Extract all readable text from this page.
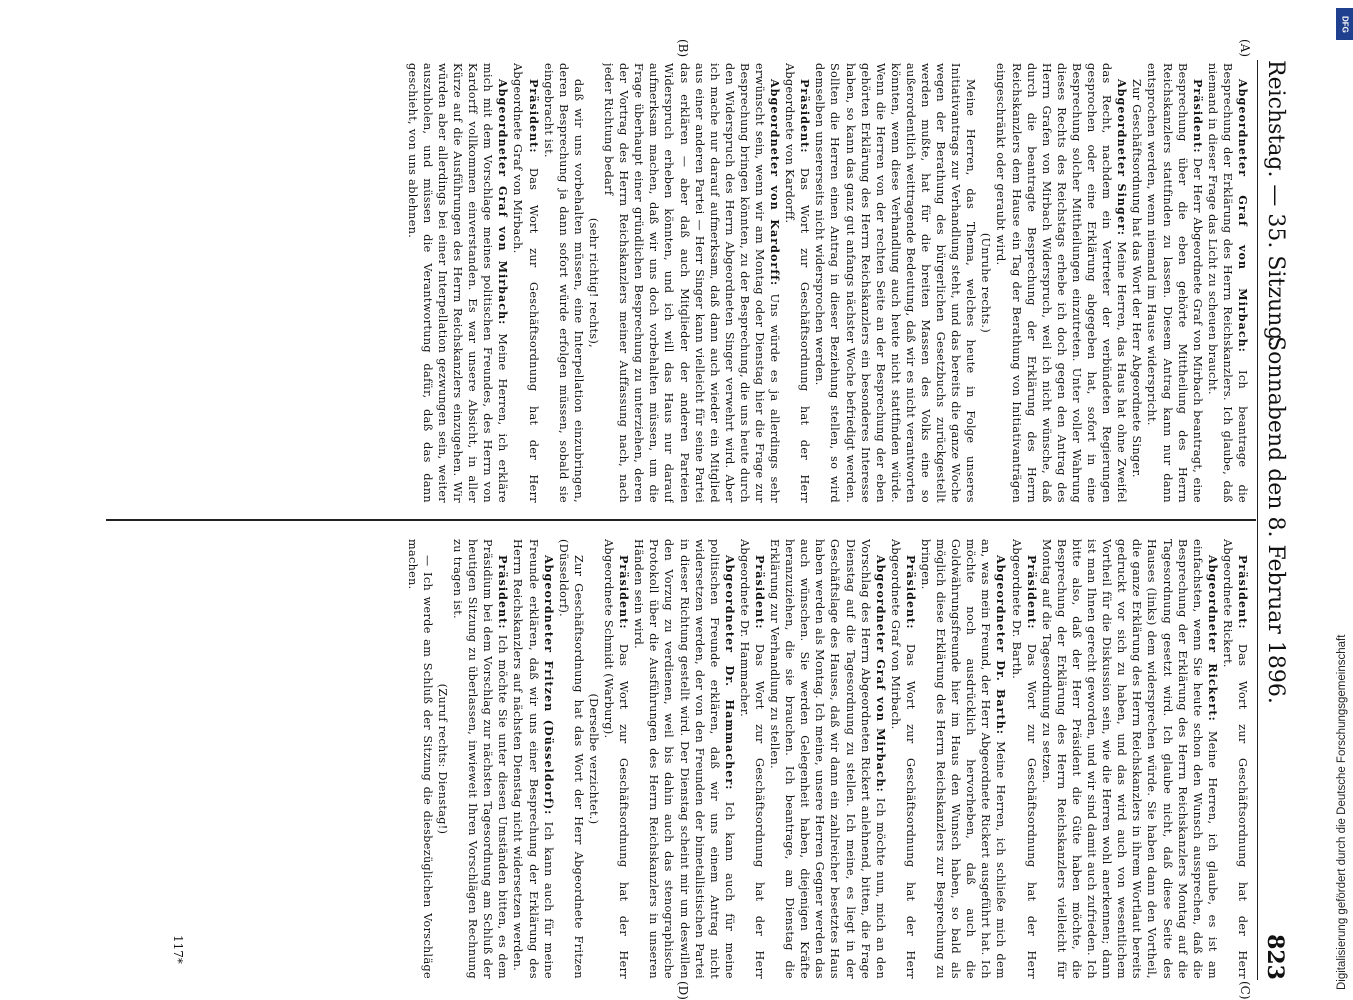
Reichstag. — 35. Sitzung.
Sonnabend den 8. Februar 1896.
823
(A)
(B)
(C)
(D)

Abgeordneter Graf von Mirbach: Ich beantrage die Besprechung der Erklärung des Herrn Reichskanzlers. Ich glaube, daß niemand in dieser Frage das Licht zu scheuen braucht.

Präsident: Der Herr Abgeordnete Graf von Mirbach beantragt, eine Besprechung über die eben gehörte Mittheilung des Herrn Reichskanzlers stattfinden zu lassen. Diesem Antrag kann nur dann entsprochen werden, wenn niemand im Hause widerspricht.

Zur Geschäftsordnung hat das Wort der Herr Abgeordnete Singer.

Abgeordneter Singer: Meine Herren, das Haus hat ohne Zweifel das Recht, nachdem ein Vertreter der verbündeten Regierungen gesprochen oder eine Erklärung abgegeben hat, sofort in eine Besprechung solcher Mittheilungen einzutreten. Unter voller Wahrung dieses Rechts des Reichstags erhebe ich doch gegen den Antrag des Herrn Grafen von Mirbach Widerspruch, weil ich nicht wünsche, daß durch die beantragte Besprechung der Erklärung des Herrn Reichskanzlers dem Hause ein Tag der Berathung von Initiativanträgen eingeschränkt oder geraubt wird.

(Unruhe rechts.)

Meine Herren, das Thema, welches heute in Folge unseres Initiativantrags zur Verhandlung steht, und das bereits die ganze Woche wegen der Berathung des bürgerlichen Gesetzbuchs zurückgestellt werden mußte, hat für die breiten Massen des Volks eine so außerordentlich weittragende Bedeutung, daß wir es nicht verantworten könnten, wenn diese Verhandlung auch heute nicht stattfinden würde. Wenn die Herren von der rechten Seite an der Besprechung der eben gehörten Erklärung des Herrn Reichskanzlers ein besonderes Interesse haben, so kann das ganz gut anfangs nächster Woche befriedigt werden. Sollten die Herren einen Antrag in dieser Beziehung stellen, so wird demselben unsererseits nicht widersprochen werden.

Präsident: Das Wort zur Geschäftsordnung hat der Herr Abgeordnete von Kardorff.

Abgeordneter von Kardorff: Uns würde es ja allerdings sehr erwünscht sein, wenn wir am Montag oder Dienstag hier die Frage zur Besprechung bringen könnten, zu der Besprechung, die uns heute durch den Widerspruch des Herrn Abgeordneten Singer verwehrt wird. Aber ich mache nur darauf aufmerksam, daß dann auch wieder ein Mitglied aus einer anderen Partei — Herr Singer kann vielleicht für seine Partei das erklären — aber daß auch Mitglieder der anderen Parteien Widerspruch erheben könnten, und ich will das Haus nur darauf aufmerksam machen, daß wir uns doch vorbehalten müssen, um die Frage überhaupt einer gründlichen Besprechung zu unterziehen, deren der Vortrag des Herrn Reichskanzlers meiner Auffassung nach, nach jeder Richtung bedarf

(sehr richtig! rechts),

daß wir uns vorbehalten müssen, eine Interpellation einzubringen, deren Besprechung ja dann sofort würde erfolgen müssen, sobald sie eingebracht ist.

Präsident: Das Wort zur Geschäftsordnung hat der Herr Abgeordnete Graf von Mirbach.

Abgeordneter Graf von Mirbach: Meine Herren, ich erkläre mich mit dem Vorschlage meines politischen Freundes, des Herrn von Kardorff vollkommen einverstanden. Es war unsere Absicht, in aller Kürze auf die Ausführungen des Herrn Reichskanzlers einzugehen. Wir würden aber allerdings bei einer Interpellation gezwungen sein, weiter auszuholen, und müssen die Verantwortung dafür, daß das dann geschieht, von uns ablehnen.

Präsident: Das Wort zur Geschäftsordnung hat der Herr Abgeordnete Rickert.

Abgeordneter Rickert: Meine Herren, ich glaube, es ist am einfachsten, wenn Sie heute schon den Wunsch aussprechen, daß die Besprechung der Erklärung des Herrn Reichskanzlers Montag auf die Tagesordnung gesetzt wird. Ich glaube nicht, daß diese Seite des Hauses (links) dem widersprechen würde. Sie haben dann den Vortheil, die ganze Erklärung des Herrn Reichskanzlers in ihrem Wortlaut bereits gedruckt vor sich zu haben, und das wird auch von wesentlichem Vortheil für die Diskussion sein, wie die Herren wohl anerkennen; dann ist man Ihnen gerecht geworden, und wir sind damit auch zufrieden. Ich bitte also, daß der Herr Präsident die Güte haben möchte, die Besprechung der Erklärung des Herrn Reichskanzlers vielleicht für Montag auf die Tagesordnung zu setzen.

Präsident: Das Wort zur Geschäftsordnung hat der Herr Abgeordnete Dr. Barth.

Abgeordneter Dr. Barth: Meine Herren, ich schließe mich dem an, was mein Freund, der Herr Abgeordnete Rickert ausgeführt hat. Ich möchte noch ausdrücklich hervorheben, daß auch die Goldwährungsfreunde hier im Haus den Wunsch haben, so bald als möglich diese Erklärung des Herrn Reichskanzlers zur Besprechung zu bringen.

Präsident: Das Wort zur Geschäftsordnung hat der Herr Abgeordnete Graf von Mirbach.

Abgeordneter Graf von Mirbach: Ich möchte nun, mich an den Vorschlag des Herrn Abgeordneten Rickert anlehnend, bitten, die Frage Dienstag auf die Tagesordnung zu stellen. Ich meine, es liegt in der Geschäftslage des Hauses, daß wir dann ein zahlreicher besetztes Haus haben werden als Montag. Ich meine, unsere Herren Gegner werden das auch wünschen. Sie werden Gelegenheit haben, diejenigen Kräfte heranzuziehen, die sie brauchen. Ich beantrage, am Dienstag die Erklärung zur Verhandlung zu stellen.

Präsident: Das Wort zur Geschäftsordnung hat der Herr Abgeordnete Dr. Hammacher.

Abgeordneter Dr. Hammacher: Ich kann auch für meine politischen Freunde erklären, daß wir uns einem Antrag nicht widersetzen werden, der von den Freunden der bimetallistischen Partei in dieser Richtung gestellt wird. Der Dienstag scheint mir um deswillen den Vorzug zu verdienen, weil bis dahin auch das stenographische Protokoll über die Ausführungen des Herrn Reichskanzlers in unseren Händen sein wird.

Präsident: Das Wort zur Geschäftsordnung hat der Herr Abgeordnete Schmidt (Warburg).

(Derselbe verzichtet.)

Zur Geschäftsordnung hat das Wort der Herr Abgeordnete Fritzen (Düsseldorf).

Abgeordneter Fritzen (Düsseldorf): Ich kann auch für meine Freunde erklären, daß wir uns einer Besprechung der Erklärung des Herrn Reichskanzlers auf nächsten Dienstag nicht widersetzen werden.

Präsident: Ich möchte Sie unter diesen Umständen bitten, es dem Präsidium bei dem Vorschlag zur nächsten Tagesordnung am Schluß der heutigen Sitzung zu überlassen, inwieweit Ihren Vorschlägen Rechnung zu tragen ist.

(Zuruf rechts: Dienstag!)

— Ich werde am Schluß der Sitzung die diesbezüglichen Vorschläge machen.

117*
DFG
Digitalisierung gefördert durch die Deutsche Forschungsgemeinschaft
